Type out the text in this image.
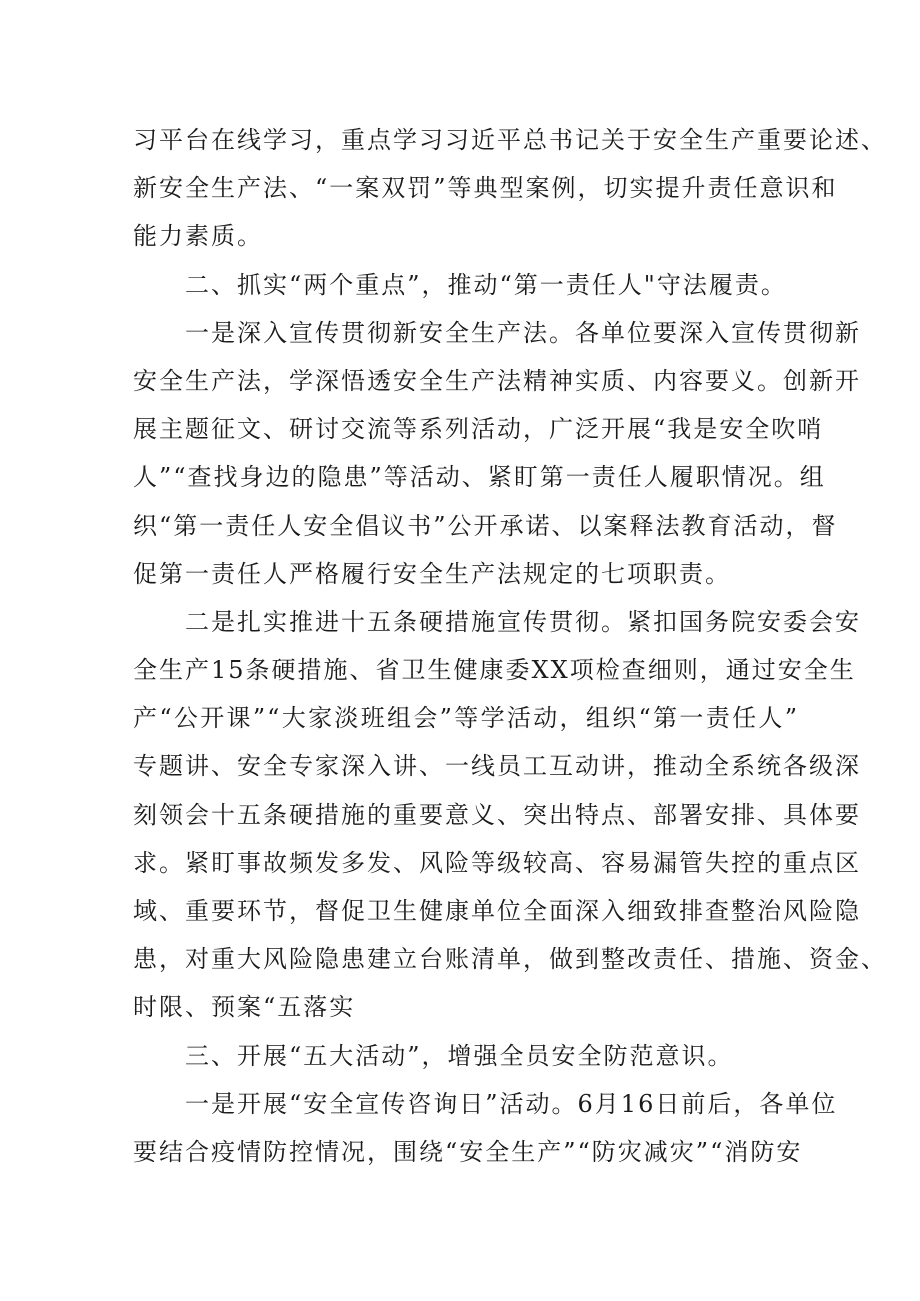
习平台在线学习，重点学习习近平总书记关于安全生产重要论述、
新安全生产法、“一案双罚”等典型案例，切实提升责任意识和
能力素质。
二、抓实“两个重点”，推动“第一责任人"守法履责。
一是深入宣传贯彻新安全生产法。各单位要深入宣传贯彻新
安全生产法，学深悟透安全生产法精神实质、内容要义。创新开
展主题征文、研讨交流等系列活动，广泛开展“我是安全吹哨
人”“查找身边的隐患”等活动、紧盯第一责任人履职情况。组
织“第一责任人安全倡议书”公开承诺、以案释法教育活动，督
促第一责任人严格履行安全生产法规定的七项职责。
二是扎实推进十五条硬措施宣传贯彻。紧扣国务院安委会安
全生产15条硬措施、省卫生健康委XX项检查细则，通过安全生
产“公开课”“大家淡班组会”等学活动，组织“第一责任人”
专题讲、安全专家深入讲、一线员工互动讲，推动全系统各级深
刻领会十五条硬措施的重要意义、突出特点、部署安排、具体要
求。紧盯事故频发多发、风险等级较高、容易漏管失控的重点区
域、重要环节，督促卫生健康单位全面深入细致排查整治风险隐
患，对重大风险隐患建立台账清单，做到整改责任、措施、资金、
时限、预案“五落实
三、开展“五大活动”，增强全员安全防范意识。
一是开展“安全宣传咨询日”活动。6月16日前后，各单位
要结合疫情防控情况，围绕“安全生产”“防灾减灾”“消防安
